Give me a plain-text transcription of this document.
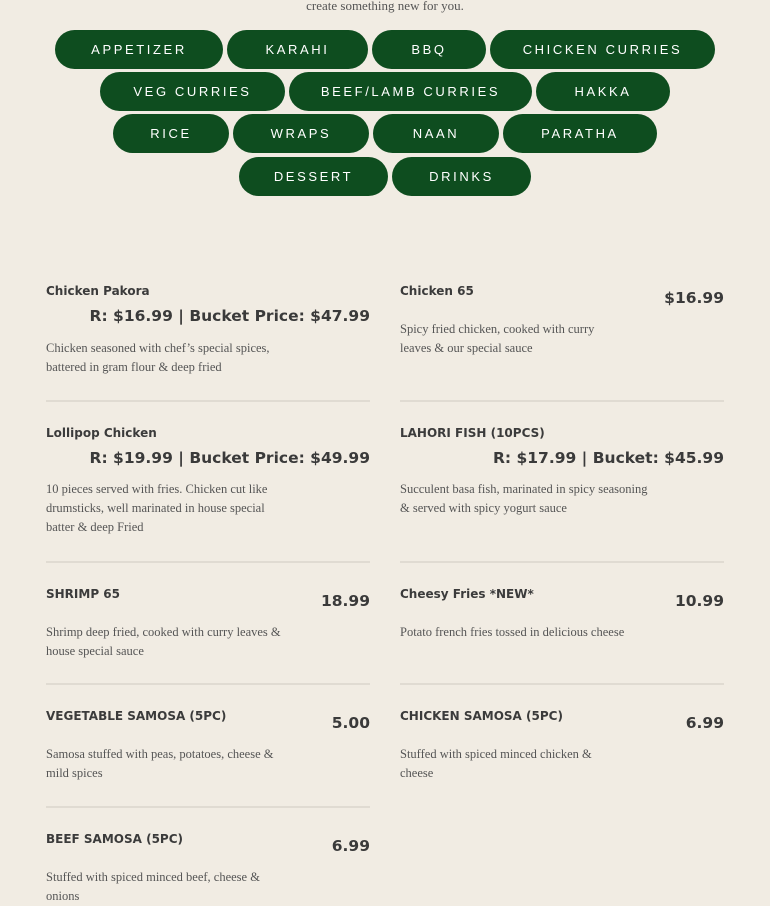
create something new for you.
APPETIZER	KARAHI	BBQ	CHICKEN CURRIES
VEG CURRIES	BEEF/LAMB CURRIES	HAKKA
RICE	WRAPS	NAAN	PARATHA
DESSERT	DRINKS
Chicken Pakora
R: $16.99 | Bucket Price: $47.99
Chicken seasoned with chef’s special spices, battered in gram flour & deep fried
Chicken 65	$16.99
Spicy fried chicken, cooked with curry leaves & our special sauce
Lollipop Chicken
R: $19.99 | Bucket Price: $49.99
10 pieces served with fries. Chicken cut like drumsticks, well marinated in house special batter & deep Fried
LAHORI FISH (10PCS)
R: $17.99 | Bucket: $45.99
Succulent basa fish, marinated in spicy seasoning & served with spicy yogurt sauce
SHRIMP 65	18.99
Shrimp deep fried, cooked with curry leaves & house special sauce
Cheesy Fries *NEW*	10.99
Potato french fries tossed in delicious cheese
VEGETABLE SAMOSA (5PC)	5.00
Samosa stuffed with peas, potatoes, cheese & mild spices
CHICKEN SAMOSA (5PC)	6.99
Stuffed with spiced minced chicken & cheese
BEEF SAMOSA (5PC)	6.99
Stuffed with spiced minced beef, cheese & onions
